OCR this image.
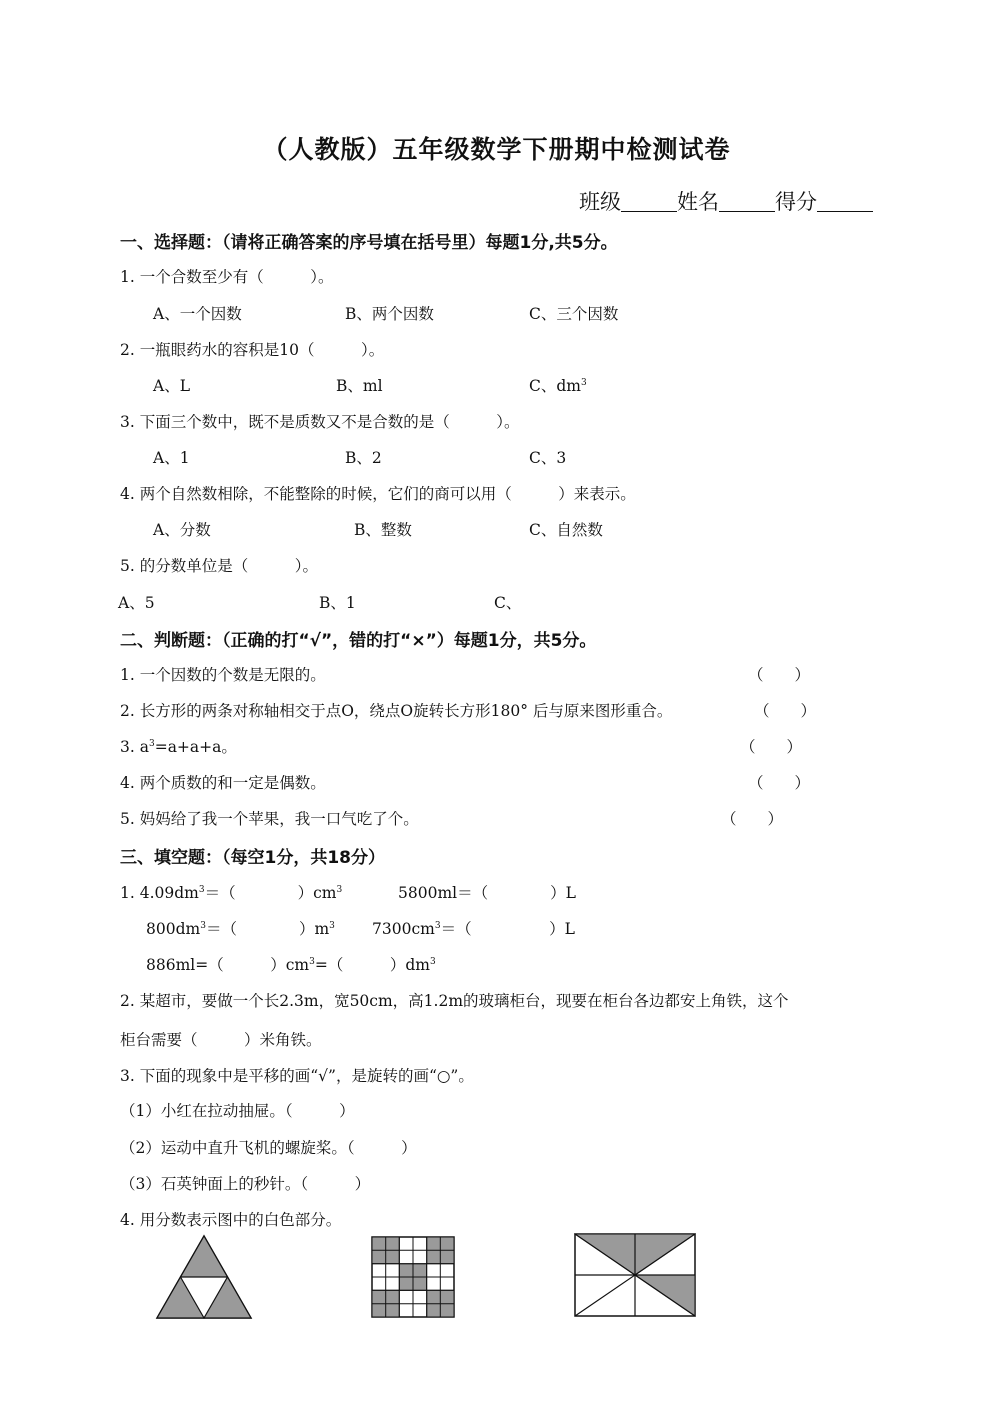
（人教版）五年级数学下册期中检测试卷
班级	姓名	得分
一、选择题：（请将正确答案的序号填在括号里）每题1分,共5分。
1. 一个合数至少有（　　　）。
A、一个因数	B、两个因数	C、三个因数
2. 一瓶眼药水的容积是10（　　　）。
A、L	B、ml	C、$dm^3$
3. 下面三个数中，既不是质数又不是合数的是（　　　）。
A、1	B、2	C、3
4. 两个自然数相除，不能整除的时候，它们的商可以用（　　　）来表示。
A、分数	B、整数	C、自然数
5. 的分数单位是（　　　）。
A、5	B、1	C、
二、判断题：（正确的打“√”，错的打“×”）每题1分，共5分。
1. 一个因数的个数是无限的。	（　　）
2. 长方形的两条对称轴相交于点O，绕点O旋转长方形180° 后与原来图形重合。	（　　）
3. $a^3=a+a+a$。	（　　）
4. 两个质数的和一定是偶数。	（　　）
5. 妈妈给了我一个苹果，我一口气吃了个。	（　　）
三、填空题：（每空1分，共18分）
1. $4.09dm^3=$（　　　　）$cm^3$	5800ml＝（　　　　）L
$800dm^3=$（　　　　）$m^3$ $7300cm^3=$（　　　　　）L
886ml=（　　　）$cm^3=$（　　　）$dm^3$
2. 某超市，要做一个长2.3m，宽50cm，高1.2m的玻璃柜台，现要在柜台各边都安上角铁，这个
柜台需要（　　　）米角铁。
3. 下面的现象中是平移的画“√”，是旋转的画“○”。
（1）小红在拉动抽屉。（　　　）
（2）运动中直升飞机的螺旋桨。（　　　）
（3）石英钟面上的秒针。（　　　）
4. 用分数表示图中的白色部分。
